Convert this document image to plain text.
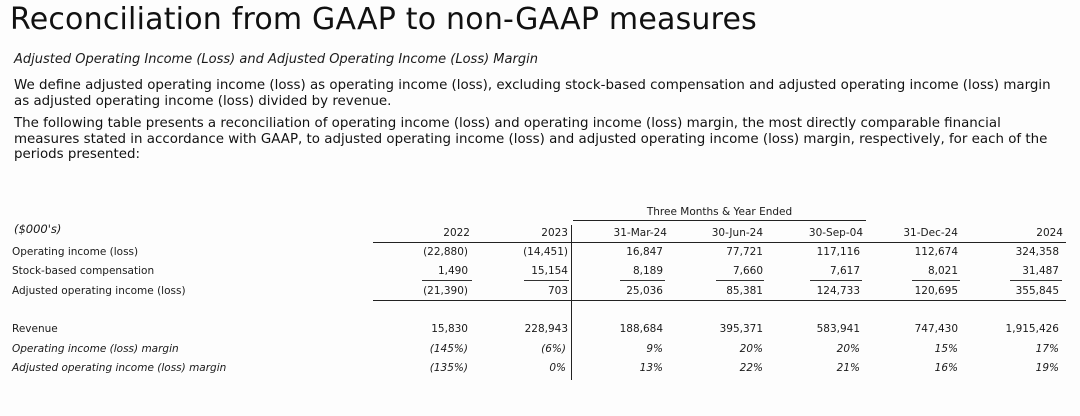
Reconciliation from GAAP to non-GAAP measures
Adjusted Operating Income (Loss) and Adjusted Operating Income (Loss) Margin
We define adjusted operating income (loss) as operating income (loss), excluding stock-based compensation and adjusted operating income (loss) margin as adjusted operating income (loss) divided by revenue.
The following table presents a reconciliation of operating income (loss) and operating income (loss) margin, the most directly comparable financial measures stated in accordance with GAAP, to adjusted operating income (loss) and adjusted operating income (loss) margin, respectively, for each of the periods presented:
Three Months & Year Ended
($000's)	2022	2023	31-Mar-24	30-Jun-24	30-Sep-04	31-Dec-24	2024
Operating income (loss)	(22,880)	(14,451)	16,847	77,721	117,116	112,674	324,358
Stock-based compensation	1,490	15,154	8,189	7,660	7,617	8,021	31,487
Adjusted operating income (loss)	(21,390)	703	25,036	85,381	124,733	120,695	355,845
Revenue	15,830	228,943	188,684	395,371	583,941	747,430	1,915,426
Operating income (loss) margin	(145%)	(6%)	9%	20%	20%	15%	17%
Adjusted operating income (loss) margin	(135%)	0%	13%	22%	21%	16%	19%
